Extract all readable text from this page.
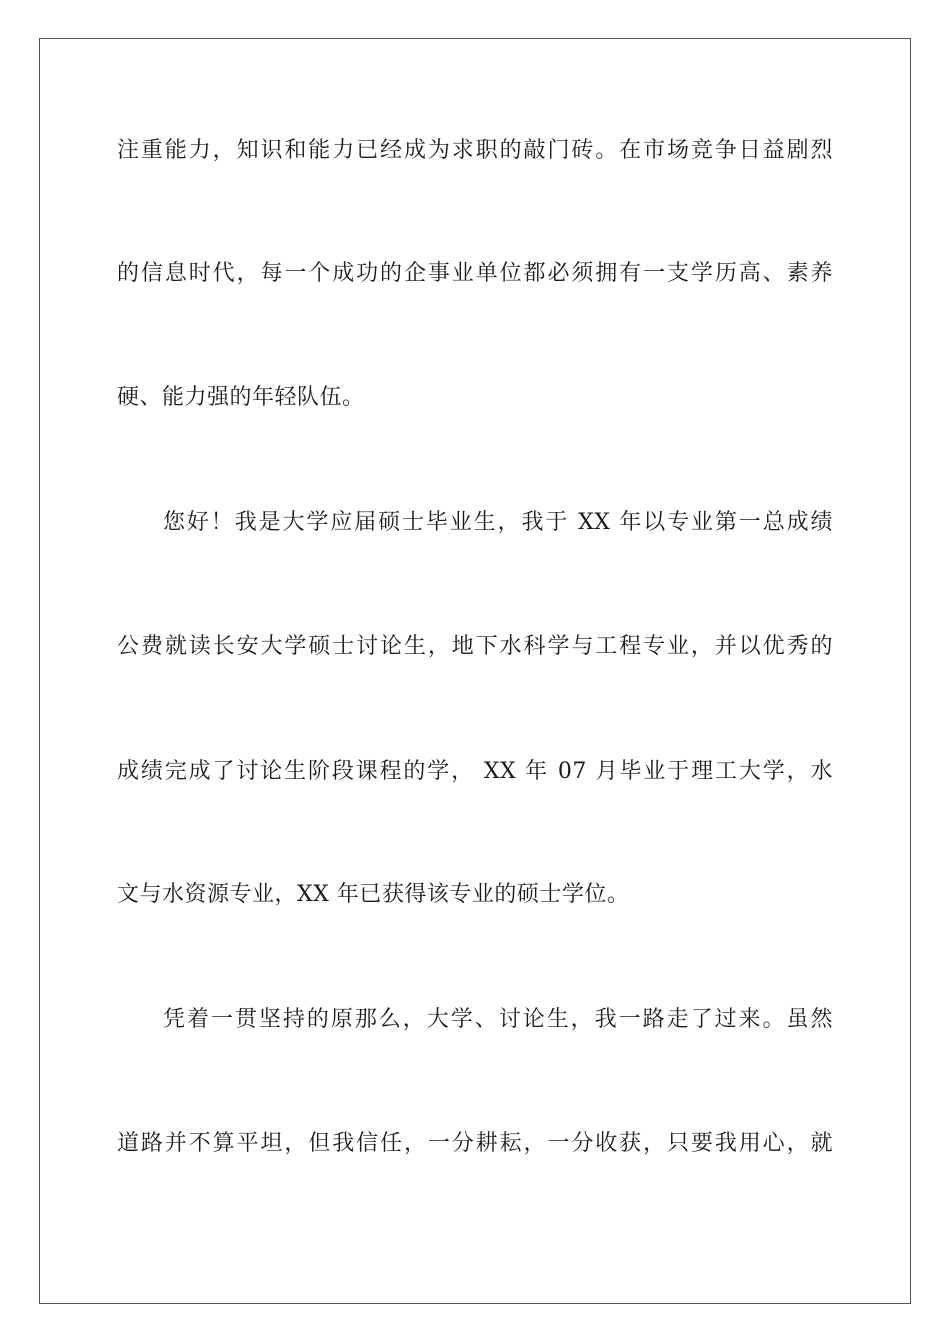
注重能力，知识和能力已经成为求职的敲门砖。在市场竞争日益剧烈
的信息时代，每一个成功的企事业单位都必须拥有一支学历高、素养
硬、能力强的年轻队伍。
您好！我是大学应届硕士毕业生，我于 XX 年以专业第一总成绩
公费就读长安大学硕士讨论生，地下水科学与工程专业，并以优秀的
成绩完成了讨论生阶段课程的学， XX 年 07 月毕业于理工大学，水
文与水资源专业，XX 年已获得该专业的硕士学位。
凭着一贯坚持的原那么，大学、讨论生，我一路走了过来。虽然
道路并不算平坦，但我信任，一分耕耘，一分收获，只要我用心，就
